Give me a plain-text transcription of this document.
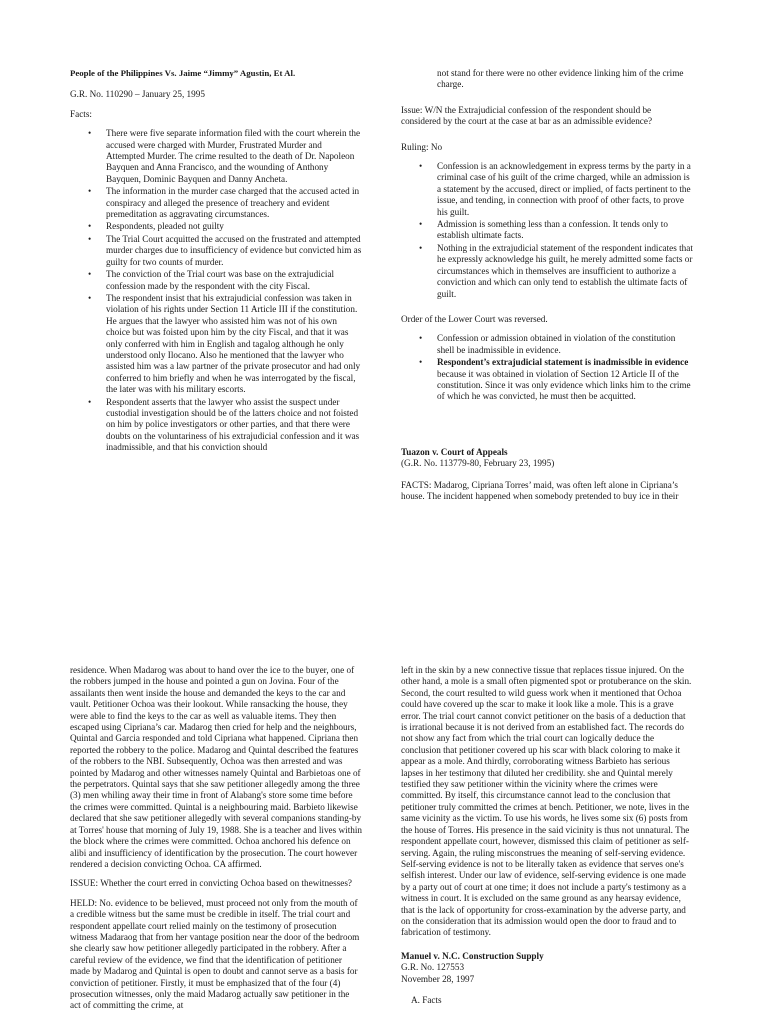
People of the Philippines Vs. Jaime “Jimmy” Agustin, Et Al.
G.R. No. 110290 – January 25, 1995
Facts:
• There were five separate information filed with the court wherein the accused were charged with Murder, Frustrated Murder and Attempted Murder. The crime resulted to the death of Dr. Napoleon Bayquen and Anna Francisco, and the wounding of Anthony Bayquen, Dominic Bayquen and Danny Ancheta.
• The information in the murder case charged that the accused acted in conspiracy and alleged the presence of treachery and evident premeditation as aggravating circumstances.
• Respondents, pleaded not guilty
• The Trial Court acquitted the accused on the frustrated and attempted murder charges due to insufficiency of evidence but convicted him as guilty for two counts of murder.
• The conviction of the Trial court was base on the extrajudicial confession made by the respondent with the city Fiscal.
• The respondent insist that his extrajudicial confession was taken in violation of his rights under Section 11 Article III if the constitution. He argues that the lawyer who assisted him was not of his own choice but was foisted upon him by the city Fiscal, and that it was only conferred with him in English and tagalog although he only understood only Ilocano. Also he mentioned that the lawyer who assisted him was a law partner of the private prosecutor and had only conferred to him briefly and when he was interrogated by the fiscal, the later was with his military escorts.
• Respondent asserts that the lawyer who assist the suspect under custodial investigation should be of the latters choice and not foisted on him by police investigators or other parties, and that there were doubts on the voluntariness of his extrajudicial confession and it was inadmissible, and that his conviction should
not stand for there were no other evidence linking him of the crime charge.
Issue: W/N the Extrajudicial confession of the respondent should be considered by the court at the case at bar as an admissible evidence?
Ruling: No
• Confession is an acknowledgement in express terms by the party in a criminal case of his guilt of the crime charged, while an admission is a statement by the accused, direct or implied, of facts pertinent to the issue, and tending, in connection with proof of other facts, to prove his guilt.
• Admission is something less than a confession. It tends only to establish ultimate facts.
• Nothing in the extrajudicial statement of the respondent indicates that he expressly acknowledge his guilt, he merely admitted some facts or circumstances which in themselves are insufficient to authorize a conviction and which can only tend to establish the ultimate facts of guilt.
Order of the Lower Court was reversed.
• Confession or admission obtained in violation of the constitution shell be inadmissible in evidence.
• Respondent’s extrajudicial statement is inadmissible in evidence because it was obtained in violation of Section 12 Article II of the constitution. Since it was only evidence which links him to the crime of which he was convicted, he must then be acquitted.
Tuazon v. Court of Appeals
(G.R. No. 113779-80, February 23, 1995)
FACTS: Madarog, Cipriana Torres’ maid, was often left alone in Cipriana’s
house. The incident happened when somebody pretended to buy ice in their
residence. When Madarog was about to hand over the ice to the buyer, one of the robbers jumped in the house and pointed a gun on Jovina. Four of the assailants then went inside the house and demanded the keys to the car and vault. Petitioner Ochoa was their lookout. While ransacking the house, they were able to find the keys to the car as well as valuable items. They then escaped using Cipriana’s car. Madarog then cried for help and the neighbours, Quintal and Garcia responded and told Cipriana what happened. Cipriana then reported the robbery to the police. Madarog and Quintal described the features of the robbers to the NBI. Subsequently, Ochoa was then arrested and was pointed by Madarog and other witnesses namely Quintal and Barbietoas one of the perpetrators. Quintal says that she saw petitioner allegedly among the three (3) men whiling away their time in front of Alabang's store some time before the crimes were committed. Quintal is a neighbouring maid. Barbieto likewise declared that she saw petitioner allegedly with several companions standing-by at Torres' house that morning of July 19, 1988. She is a teacher and lives within the block where the crimes were committed. Ochoa anchored his defence on alibi and insufficiency of identification by the prosecution. The court however rendered a decision convicting Ochoa. CA affirmed.
ISSUE: Whether the court erred in convicting Ochoa based on thewitnesses?
HELD: No. evidence to be believed, must proceed not only from the mouth of a credible witness but the same must be credible in itself. The trial court and respondent appellate court relied mainly on the testimony of prosecution witness Madaraog that from her vantage position near the door of the bedroom she clearly saw how petitioner allegedly participated in the robbery. After a careful review of the evidence, we find that the identification of petitioner made by Madarog and Quintal is open to doubt and cannot serve as a basis for conviction of petitioner. Firstly, it must be emphasized that of the four (4) prosecution witnesses, only the maid Madarog actually saw petitioner in the act of committing the crime, at
left in the skin by a new connective tissue that replaces tissue injured. On the other hand, a mole is a small often pigmented spot or protuberance on the skin.
Second, the court resulted to wild guess work when it mentioned that Ochoa could have covered up the scar to make it look like a mole. This is a grave error. The trial court cannot convict petitioner on the basis of a deduction that is irrational because it is not derived from an established fact. The records do not show any fact from which the trial court can logically deduce the conclusion that petitioner covered up his scar with black coloring to make it appear as a mole. And thirdly, corroborating witness Barbieto has serious lapses in her testimony that diluted her credibility. she and Quintal merely testified they saw petitioner within the vicinity where the crimes were committed. By itself, this circumstance cannot lead to the conclusion that petitioner truly committed the crimes at bench. Petitioner, we note, lives in the same vicinity as the victim. To use his words, he lives some six (6) posts from the house of Torres. His presence in the said vicinity is thus not unnatural. The respondent appellate court, however, dismissed this claim of petitioner as self-serving. Again, the ruling misconstrues the meaning of self-serving evidence. Self-serving evidence is not to be literally taken as evidence that serves one's selfish interest. Under our law of evidence, self-serving evidence is one made by a party out of court at one time; it does not include a party's testimony as a witness in court. It is excluded on the same ground as any hearsay evidence, that is the lack of opportunity for cross-examination by the adverse party, and on the consideration that its admission would open the door to fraud and to fabrication of testimony.
Manuel v. N.C. Construction Supply
G.R. No. 127553
November 28, 1997
A. Facts
